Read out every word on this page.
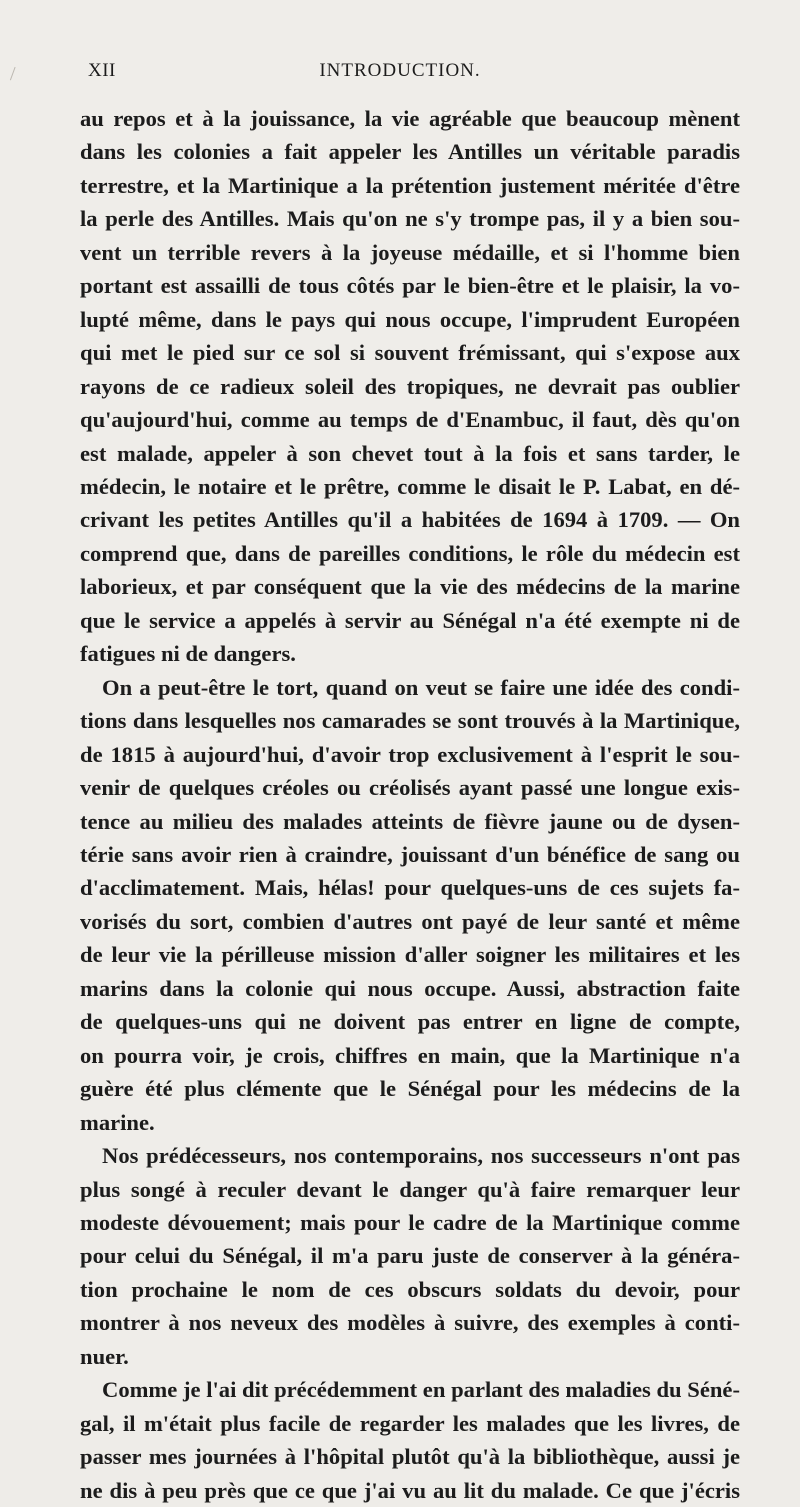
XII	INTRODUCTION.
au repos et à la jouissance, la vie agréable que beaucoup mènent
dans les colonies a fait appeler les Antilles un véritable paradis
terrestre, et la Martinique a la prétention justement méritée d'être
la perle des Antilles. Mais qu'on ne s'y trompe pas, il y a bien sou-
vent un terrible revers à la joyeuse médaille, et si l'homme bien
portant est assailli de tous côtés par le bien-être et le plaisir, la vo-
lupté même, dans le pays qui nous occupe, l'imprudent Européen
qui met le pied sur ce sol si souvent frémissant, qui s'expose aux
rayons de ce radieux soleil des tropiques, ne devrait pas oublier
qu'aujourd'hui, comme au temps de d'Enambuc, il faut, dès qu'on
est malade, appeler à son chevet tout à la fois et sans tarder, le
médecin, le notaire et le prêtre, comme le disait le P. Labat, en dé-
crivant les petites Antilles qu'il a habitées de 1694 à 1709. — On
comprend que, dans de pareilles conditions, le rôle du médecin est
laborieux, et par conséquent que la vie des médecins de la marine
que le service a appelés à servir au Sénégal n'a été exempte ni de
fatigues ni de dangers.
On a peut-être le tort, quand on veut se faire une idée des condi-
tions dans lesquelles nos camarades se sont trouvés à la Martinique,
de 1815 à aujourd'hui, d'avoir trop exclusivement à l'esprit le sou-
venir de quelques créoles ou créolisés ayant passé une longue exis-
tence au milieu des malades atteints de fièvre jaune ou de dysen-
térie sans avoir rien à craindre, jouissant d'un bénéfice de sang ou
d'acclimatement. Mais, hélas! pour quelques-uns de ces sujets fa-
vorisés du sort, combien d'autres ont payé de leur santé et même
de leur vie la périlleuse mission d'aller soigner les militaires et les
marins dans la colonie qui nous occupe. Aussi, abstraction faite
de quelques-uns qui ne doivent pas entrer en ligne de compte,
on pourra voir, je crois, chiffres en main, que la Martinique n'a
guère été plus clémente que le Sénégal pour les médecins de la
marine.
Nos prédécesseurs, nos contemporains, nos successeurs n'ont pas
plus songé à reculer devant le danger qu'à faire remarquer leur
modeste dévouement; mais pour le cadre de la Martinique comme
pour celui du Sénégal, il m'a paru juste de conserver à la généra-
tion prochaine le nom de ces obscurs soldats du devoir, pour
montrer à nos neveux des modèles à suivre, des exemples à conti-
nuer.
Comme je l'ai dit précédemment en parlant des maladies du Séné-
gal, il m'était plus facile de regarder les malades que les livres, de
passer mes journées à l'hôpital plutôt qu'à la bibliothèque, aussi je
ne dis à peu près que ce que j'ai vu au lit du malade. Ce que j'écris
